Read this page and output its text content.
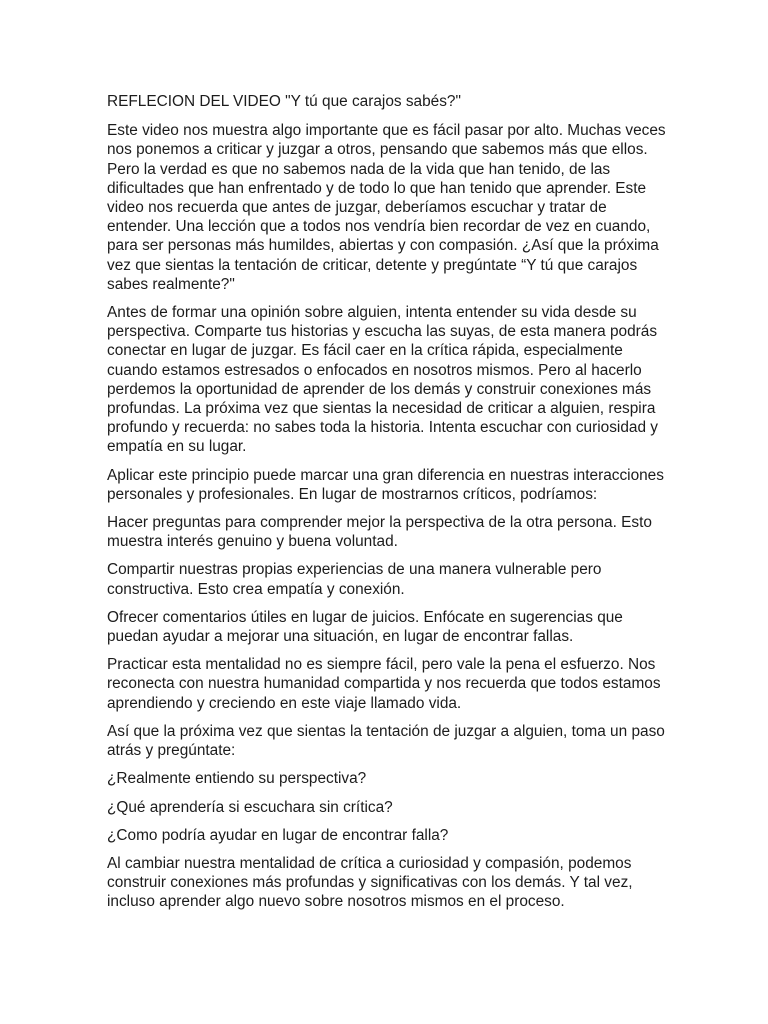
REFLECION DEL VIDEO "Y tú que carajos sabés?"

Este video nos muestra algo importante que es fácil pasar por alto. Muchas veces nos ponemos a criticar y juzgar a otros, pensando que sabemos más que ellos. Pero la verdad es que no sabemos nada de la vida que han tenido, de las dificultades que han enfrentado y de todo lo que han tenido que aprender. Este video nos recuerda que antes de juzgar, deberíamos escuchar y tratar de entender. Una lección que a todos nos vendría bien recordar de vez en cuando, para ser personas más humildes, abiertas y con compasión. ¿Así que la próxima vez que sientas la tentación de criticar, detente y pregúntate “Y tú que carajos sabes realmente?"

Antes de formar una opinión sobre alguien, intenta entender su vida desde su perspectiva. Comparte tus historias y escucha las suyas, de esta manera podrás conectar en lugar de juzgar. Es fácil caer en la crítica rápida, especialmente cuando estamos estresados o enfocados en nosotros mismos. Pero al hacerlo perdemos la oportunidad de aprender de los demás y construir conexiones más profundas. La próxima vez que sientas la necesidad de criticar a alguien, respira profundo y recuerda: no sabes toda la historia. Intenta escuchar con curiosidad y empatía en su lugar.

Aplicar este principio puede marcar una gran diferencia en nuestras interacciones personales y profesionales. En lugar de mostrarnos críticos, podríamos:

Hacer preguntas para comprender mejor la perspectiva de la otra persona. Esto muestra interés genuino y buena voluntad.

Compartir nuestras propias experiencias de una manera vulnerable pero constructiva. Esto crea empatía y conexión.

Ofrecer comentarios útiles en lugar de juicios. Enfócate en sugerencias que puedan ayudar a mejorar una situación, en lugar de encontrar fallas.

Practicar esta mentalidad no es siempre fácil, pero vale la pena el esfuerzo. Nos reconecta con nuestra humanidad compartida y nos recuerda que todos estamos aprendiendo y creciendo en este viaje llamado vida.

Así que la próxima vez que sientas la tentación de juzgar a alguien, toma un paso atrás y pregúntate:

¿Realmente entiendo su perspectiva?

¿Qué aprendería si escuchara sin crítica?

¿Como podría ayudar en lugar de encontrar falla?

Al cambiar nuestra mentalidad de crítica a curiosidad y compasión, podemos construir conexiones más profundas y significativas con los demás. Y tal vez, incluso aprender algo nuevo sobre nosotros mismos en el proceso.
